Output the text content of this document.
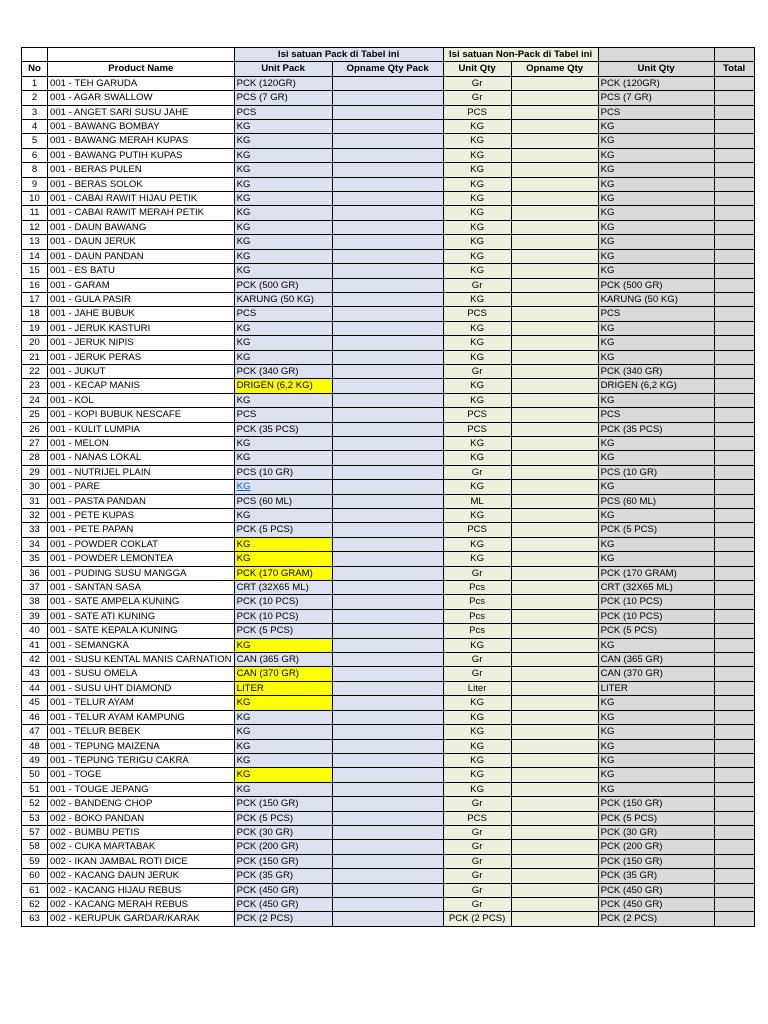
		Isi satuan Pack di Tabel ini		Isi satuan Non-Pack di Tabel ini			
No	Product Name	Unit Pack	Opname Qty Pack	Unit Qty	Opname Qty	Unit Qty	Total
1	001 - TEH GARUDA	PCK (120GR)		Gr		PCK (120GR)	
2	001 - AGAR SWALLOW	PCS (7 GR)		Gr		PCS (7 GR)	
3	001 - ANGET SARI SUSU JAHE	PCS		PCS		PCS	
4	001 - BAWANG BOMBAY	KG		KG		KG	
5	001 - BAWANG MERAH KUPAS	KG		KG		KG	
6	001 - BAWANG PUTIH KUPAS	KG		KG		KG	
8	001 - BERAS PULEN	KG		KG		KG	
9	001 - BERAS SOLOK	KG		KG		KG	
10	001 - CABAI RAWIT HIJAU PETIK	KG		KG		KG	
11	001 - CABAI RAWIT MERAH PETIK	KG		KG		KG	
12	001 - DAUN BAWANG	KG		KG		KG	
13	001 - DAUN JERUK	KG		KG		KG	
14	001 - DAUN PANDAN	KG		KG		KG	
15	001 - ES BATU	KG		KG		KG	
16	001 - GARAM	PCK (500 GR)		Gr		PCK (500 GR)	
17	001 - GULA PASIR	KARUNG (50 KG)		KG		KARUNG (50 KG)	
18	001 - JAHE BUBUK	PCS		PCS		PCS	
19	001 - JERUK KASTURI	KG		KG		KG	
20	001 - JERUK NIPIS	KG		KG		KG	
21	001 - JERUK PERAS	KG		KG		KG	
22	001 - JUKUT	PCK (340 GR)		Gr		PCK (340 GR)	
23	001 - KECAP MANIS	DRIGEN (6,2 KG)		KG		DRIGEN (6,2 KG)	
24	001 - KOL	KG		KG		KG	
25	001 - KOPI BUBUK NESCAFE	PCS		PCS		PCS	
26	001 - KULIT LUMPIA	PCK (35 PCS)		PCS		PCK (35 PCS)	
27	001 - MELON	KG		KG		KG	
28	001 - NANAS LOKAL	KG		KG		KG	
29	001 - NUTRIJEL PLAIN	PCS (10 GR)		Gr		PCS (10 GR)	
30	001 - PARE	KG		KG		KG	
31	001 - PASTA PANDAN	PCS (60 ML)		ML		PCS (60 ML)	
32	001 - PETE KUPAS	KG		KG		KG	
33	001 - PETE PAPAN	PCK (5 PCS)		PCS		PCK (5 PCS)	
34	001 - POWDER COKLAT	KG		KG		KG	
35	001 - POWDER LEMONTEA	KG		KG		KG	
36	001 - PUDING SUSU MANGGA	PCK (170 GRAM)		Gr		PCK (170 GRAM)	
37	001 - SANTAN SASA	CRT (32X65 ML)		Pcs		CRT (32X65 ML)	
38	001 - SATE AMPELA KUNING	PCK (10 PCS)		Pcs		PCK (10 PCS)	
39	001 - SATE ATI KUNING	PCK (10 PCS)		Pcs		PCK (10 PCS)	
40	001 - SATE KEPALA KUNING	PCK (5 PCS)		Pcs		PCK (5 PCS)	
41	001 - SEMANGKA	KG		KG		KG	
42	001 - SUSU KENTAL MANIS CARNATION	CAN (365 GR)		Gr		CAN (365 GR)	
43	001 - SUSU OMELA	CAN (370 GR)		Gr		CAN (370 GR)	
44	001 - SUSU UHT DIAMOND	LITER		Liter		LITER	
45	001 - TELUR AYAM	KG		KG		KG	
46	001 - TELUR AYAM KAMPUNG	KG		KG		KG	
47	001 - TELUR BEBEK	KG		KG		KG	
48	001 - TEPUNG MAIZENA	KG		KG		KG	
49	001 - TEPUNG TERIGU CAKRA	KG		KG		KG	
50	001 - TOGE	KG		KG		KG	
51	001 - TOUGE JEPANG	KG		KG		KG	
52	002 - BANDENG CHOP	PCK (150 GR)		Gr		PCK (150 GR)	
53	002 - BOKO PANDAN	PCK (5 PCS)		PCS		PCK (5 PCS)	
57	002 - BUMBU PETIS	PCK (30 GR)		Gr		PCK (30 GR)	
58	002 - CUKA MARTABAK	PCK (200 GR)		Gr		PCK (200 GR)	
59	002 - IKAN JAMBAL ROTI DICE	PCK (150 GR)		Gr		PCK (150 GR)	
60	002 - KACANG DAUN JERUK	PCK (35 GR)		Gr		PCK (35 GR)	
61	002 - KACANG HIJAU REBUS	PCK (450 GR)		Gr		PCK (450 GR)	
62	002 - KACANG MERAH REBUS	PCK (450 GR)		Gr		PCK (450 GR)	
63	002 - KERUPUK GARDAR/KARAK	PCK (2 PCS)		PCK (2 PCS)		PCK (2 PCS)	
